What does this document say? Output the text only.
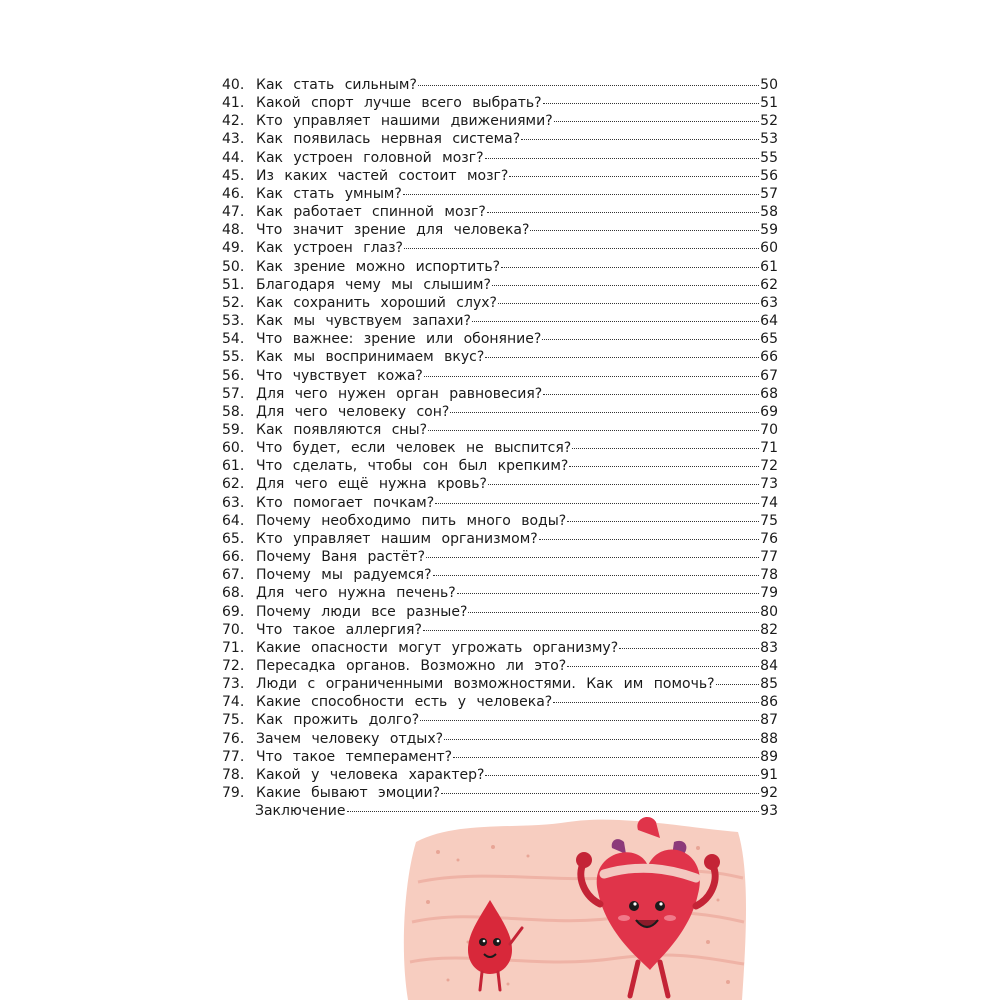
40. Как стать сильным?	50
41. Какой спорт лучше всего выбрать?	51
42. Кто управляет нашими движениями?	52
43. Как появилась нервная система?	53
44. Как устроен головной мозг?	55
45. Из каких частей состоит мозг?	56
46. Как стать умным?	57
47. Как работает спинной мозг?	58
48. Что значит зрение для человека?	59
49. Как устроен глаз?	60
50. Как зрение можно испортить?	61
51. Благодаря чему мы слышим?	62
52. Как сохранить хороший слух?	63
53. Как мы чувствуем запахи?	64
54. Что важнее: зрение или обоняние?	65
55. Как мы воспринимаем вкус?	66
56. Что чувствует кожа?	67
57. Для чего нужен орган равновесия?	68
58. Для чего человеку сон?	69
59. Как появляются сны?	70
60. Что будет, если человек не выспится?	71
61. Что сделать, чтобы сон был крепким?	72
62. Для чего ещё нужна кровь?	73
63. Кто помогает почкам?	74
64. Почему необходимо пить много воды?	75
65. Кто управляет нашим организмом?	76
66. Почему Ваня растёт?	77
67. Почему мы радуемся?	78
68. Для чего нужна печень?	79
69. Почему люди все разные?	80
70. Что такое аллергия?	82
71. Какие опасности могут угрожать организму?	83
72. Пересадка органов. Возможно ли это?	84
73. Люди с ограниченными возможностями. Как им помочь?	85
74. Какие способности есть у человека?	86
75. Как прожить долго?	87
76. Зачем человеку отдых?	88
77. Что такое темперамент?	89
78. Какой у человека характер?	91
79. Какие бывают эмоции?	92
Заключение	93
